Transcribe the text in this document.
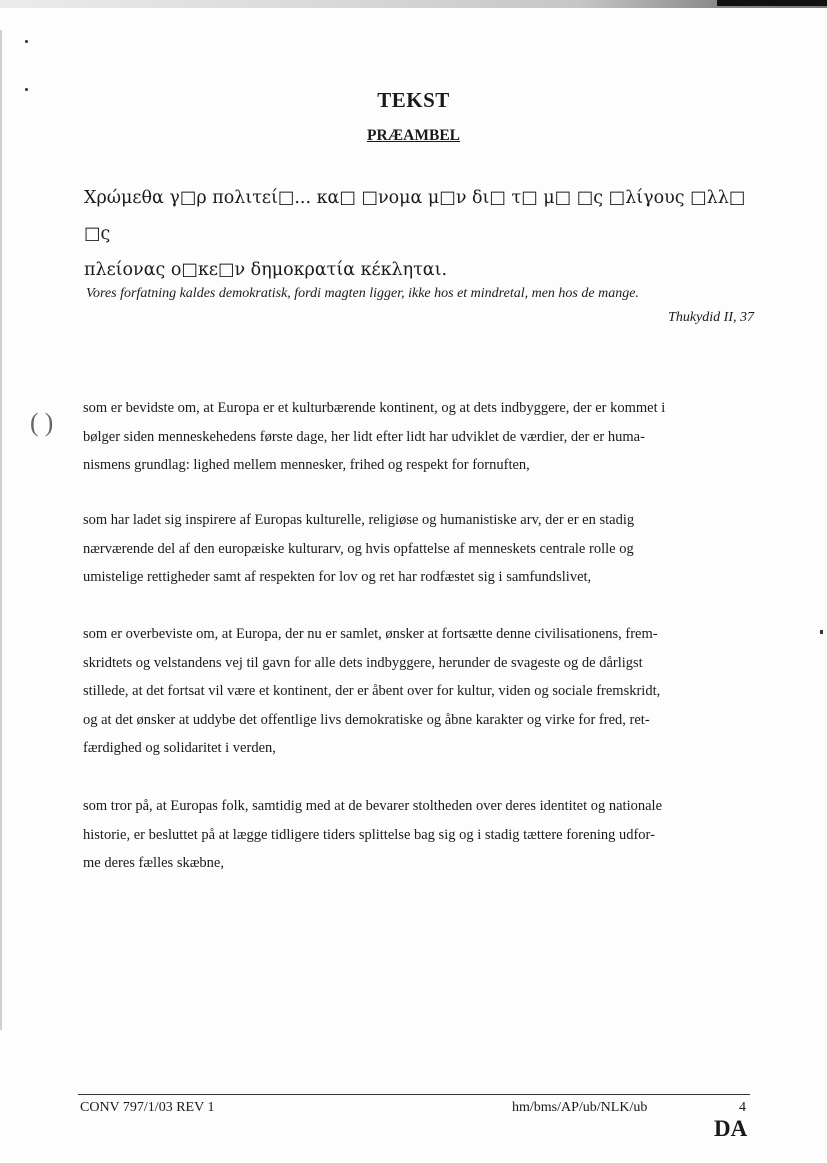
()
TEKST
PRÆAMBEL
Χρώμεθα γ□ρ πολιτεί□... κα□ □νομα μ□ν δι□ τ□ μ□ □ς □λίγους □λλ□ □ς
πλείονας ο□κε□ν δημοκρατία κέκληται.
Vores forfatning kaldes demokratisk, fordi magten ligger, ikke hos et mindretal, men hos de mange.
Thukydid II, 37
som er bevidste om, at Europa er et kulturbærende kontinent, og at dets indbyggere, der er kommet i
bølger siden menneskehedens første dage, her lidt efter lidt har udviklet de værdier, der er huma-
nismens grundlag: lighed mellem mennesker, frihed og respekt for fornuften,
som har ladet sig inspirere af Europas kulturelle, religiøse og humanistiske arv, der er en stadig
nærværende del af den europæiske kulturarv, og hvis opfattelse af menneskets centrale rolle og
umistelige rettigheder samt af respekten for lov og ret har rodfæstet sig i samfundslivet,
som er overbeviste om, at Europa, der nu er samlet, ønsker at fortsætte denne civilisationens, frem-
skridtets og velstandens vej til gavn for alle dets indbyggere, herunder de svageste og de dårligst
stillede, at det fortsat vil være et kontinent, der er åbent over for kultur, viden og sociale fremskridt,
og at det ønsker at uddybe det offentlige livs demokratiske og åbne karakter og virke for fred, ret-
færdighed og solidaritet i verden,
som tror på, at Europas folk, samtidig med at de bevarer stoltheden over deres identitet og nationale
historie, er besluttet på at lægge tidligere tiders splittelse bag sig og i stadig tættere forening udfor-
me deres fælles skæbne,
CONV 797/1/03 REV 1	hm/bms/AP/ub/NLK/ub	4
DA
